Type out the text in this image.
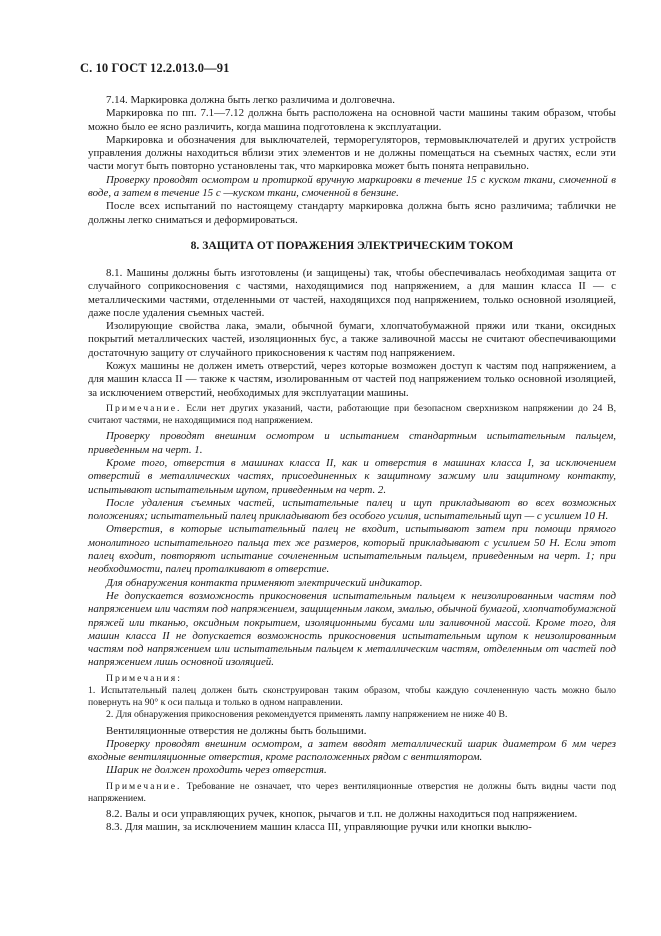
С. 10 ГОСТ 12.2.013.0—91

7.14. Маркировка должна быть легко различима и долговечна.

Маркировка по пп. 7.1—7.12 должна быть расположена на основной части машины таким образом, чтобы можно было ее ясно различить, когда машина подготовлена к эксплуатации.

Маркировка и обозначения для выключателей, терморегуляторов, термовыключателей и других устройств управления должны находиться вблизи этих элементов и не должны помещаться на съемных частях, если эти части могут быть повторно установлены так, что маркировка может быть понята неправильно.

Проверку проводят осмотром и протиркой вручную маркировки в течение 15 с куском ткани, смоченной в воде, а затем в течение 15 с —куском ткани, смоченной в бензине.

После всех испытаний по настоящему стандарту маркировка должна быть ясно различима; таблички не должны легко сниматься и деформироваться.

8. ЗАЩИТА ОТ ПОРАЖЕНИЯ ЭЛЕКТРИЧЕСКИМ ТОКОМ

8.1. Машины должны быть изготовлены (и защищены) так, чтобы обеспечивалась необходимая защита от случайного соприкосновения с частями, находящимися под напряжением, а для машин класса II — с металлическими частями, отделенными от частей, находящихся под напряжением, только основной изоляцией, даже после удаления съемных частей.

Изолирующие свойства лака, эмали, обычной бумаги, хлопчатобумажной пряжи или ткани, оксидных покрытий металлических частей, изоляционных бус, а также заливочной массы не считают обеспечивающими достаточную защиту от случайного прикосновения к частям под напряжением.

Кожух машины не должен иметь отверстий, через которые возможен доступ к частям под напряжением, а для машин класса II — также к частям, изолированным от частей под напряжением только основной изоляцией, за исключением отверстий, необходимых для эксплуатации машины.

Примечание. Если нет других указаний, части, работающие при безопасном сверхнизком напряжении до 24 В, считают частями, не находящимися под напряжением.

Проверку проводят внешним осмотром и испытанием стандартным испытательным пальцем, приведенным на черт. 1.

Кроме того, отверстия в машинах класса II, как и отверстия в машинах класса I, за исключением отверстий в металлических частях, присоединенных к защитному зажиму или защитному контакту, испытывают испытательным щупом, приведенным на черт. 2.

После удаления съемных частей, испытательные палец и щуп прикладывают во всех возможных положениях; испытательный палец прикладывают без особого усилия, испытательный щуп — с усилием 10 Н.

Отверстия, в которые испытательный палец не входит, испытывают затем при помощи прямого монолитного испытательного пальца тех же размеров, который прикладывают с усилием 50 Н. Если этот палец входит, повторяют испытание сочлененным испытательным пальцем, приведенным на черт. 1; при необходимости, палец проталкивают в отверстие.

Для обнаружения контакта применяют электрический индикатор.

Не допускается возможность прикосновения испытательным пальцем к неизолированным частям под напряжением или частям под напряжением, защищенным лаком, эмалью, обычной бумагой, хлопчатобумажной пряжей или тканью, оксидным покрытием, изоляционными бусами или заливочной массой. Кроме того, для машин класса II не допускается возможность прикосновения испытательным щупом к неизолированным частям под напряжением или испытательным пальцем к металлическим частям, отделенным от частей под напряжением лишь основной изоляцией.

Примечания:

1. Испытательный палец должен быть сконструирован таким образом, чтобы каждую сочлененную часть можно было повернуть на 90° к оси пальца и только в одном направлении.

2. Для обнаружения прикосновения рекомендуется применять лампу напряжением не ниже 40 В.

Вентиляционные отверстия не должны быть большими.

Проверку проводят внешним осмотром, а затем вводят металлический шарик диаметром 6 мм через входные вентиляционные отверстия, кроме расположенных рядом с вентилятором.

Шарик не должен проходить через отверстия.

Примечание. Требование не означает, что через вентиляционные отверстия не должны быть видны части под напряжением.

8.2. Валы и оси управляющих ручек, кнопок, рычагов и т.п. не должны находиться под напряжением.

8.3. Для машин, за исключением машин класса III, управляющие ручки или кнопки выклю-
